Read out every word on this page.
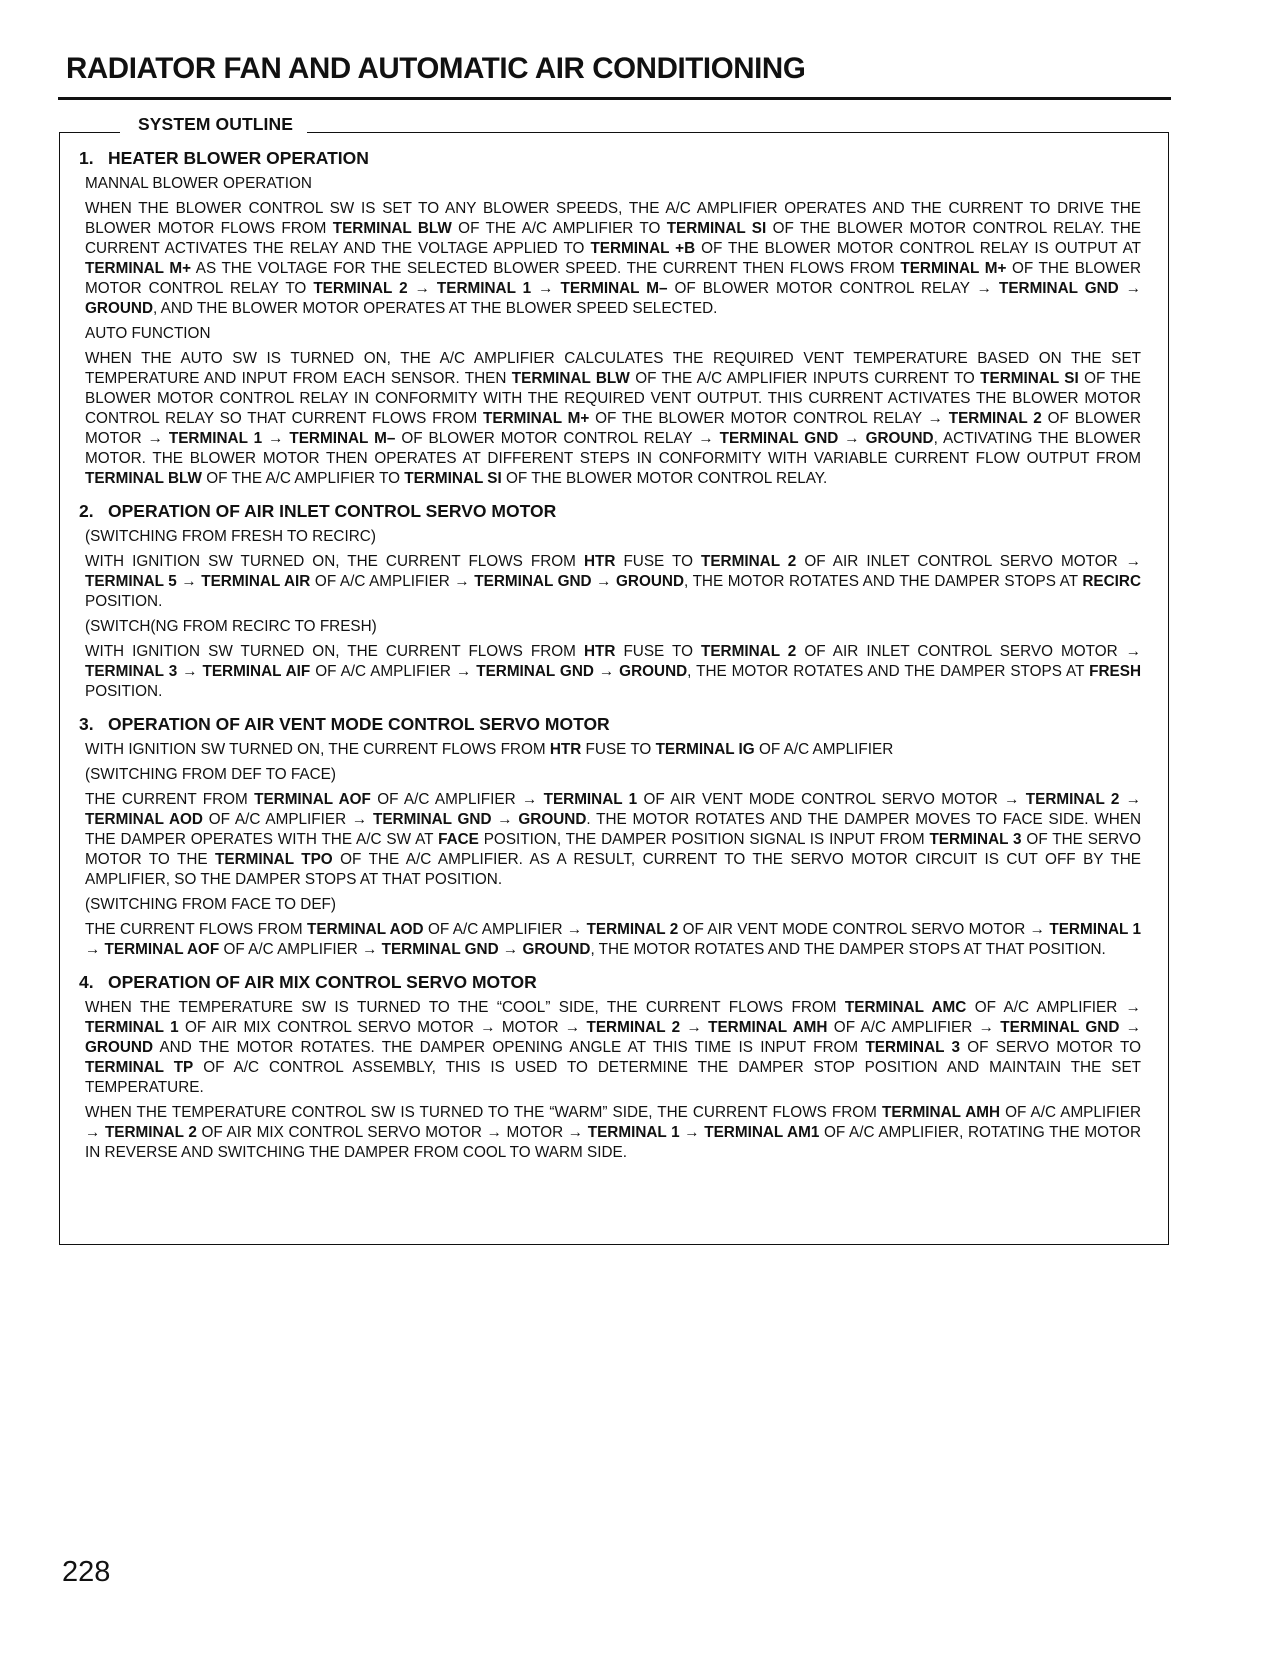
RADIATOR FAN AND AUTOMATIC AIR CONDITIONING
SYSTEM OUTLINE
1. HEATER BLOWER OPERATION
MANNAL BLOWER OPERATION
WHEN THE BLOWER CONTROL SW IS SET TO ANY BLOWER SPEEDS, THE A/C AMPLIFIER OPERATES AND THE CURRENT TO DRIVE THE BLOWER MOTOR FLOWS FROM TERMINAL BLW OF THE A/C AMPLIFIER TO TERMINAL SI OF THE BLOWER MOTOR CONTROL RELAY. THE CURRENT ACTIVATES THE RELAY AND THE VOLTAGE APPLIED TO TERMINAL +B OF THE BLOWER MOTOR CONTROL RELAY IS OUTPUT AT TERMINAL M+ AS THE VOLTAGE FOR THE SELECTED BLOWER SPEED. THE CURRENT THEN FLOWS FROM TERMINAL M+ OF THE BLOWER MOTOR CONTROL RELAY TO TERMINAL 2 → TERMINAL 1 → TERMINAL M– OF BLOWER MOTOR CONTROL RELAY → TERMINAL GND → GROUND, AND THE BLOWER MOTOR OPERATES AT THE BLOWER SPEED SELECTED.
AUTO FUNCTION
WHEN THE AUTO SW IS TURNED ON, THE A/C AMPLIFIER CALCULATES THE REQUIRED VENT TEMPERATURE BASED ON THE SET TEMPERATURE AND INPUT FROM EACH SENSOR. THEN TERMINAL BLW OF THE A/C AMPLIFIER INPUTS CURRENT TO TERMINAL SI OF THE BLOWER MOTOR CONTROL RELAY IN CONFORMITY WITH THE REQUIRED VENT OUTPUT. THIS CURRENT ACTIVATES THE BLOWER MOTOR CONTROL RELAY SO THAT CURRENT FLOWS FROM TERMINAL M+ OF THE BLOWER MOTOR CONTROL RELAY → TERMINAL 2 OF BLOWER MOTOR → TERMINAL 1 → TERMINAL M– OF BLOWER MOTOR CONTROL RELAY → TERMINAL GND → GROUND, ACTIVATING THE BLOWER MOTOR. THE BLOWER MOTOR THEN OPERATES AT DIFFERENT STEPS IN CONFORMITY WITH VARIABLE CURRENT FLOW OUTPUT FROM TERMINAL BLW OF THE A/C AMPLIFIER TO TERMINAL SI OF THE BLOWER MOTOR CONTROL RELAY.
2. OPERATION OF AIR INLET CONTROL SERVO MOTOR
(SWITCHING FROM FRESH TO RECIRC)
WITH IGNITION SW TURNED ON, THE CURRENT FLOWS FROM HTR FUSE TO TERMINAL 2 OF AIR INLET CONTROL SERVO MOTOR → TERMINAL 5 → TERMINAL AIR OF A/C AMPLIFIER → TERMINAL GND → GROUND, THE MOTOR ROTATES AND THE DAMPER STOPS AT RECIRC POSITION.
(SWITCH(NG FROM RECIRC TO FRESH)
WITH IGNITION SW TURNED ON, THE CURRENT FLOWS FROM HTR FUSE TO TERMINAL 2 OF AIR INLET CONTROL SERVO MOTOR → TERMINAL 3 → TERMINAL AIF OF A/C AMPLIFIER → TERMINAL GND → GROUND, THE MOTOR ROTATES AND THE DAMPER STOPS AT FRESH POSITION.
3. OPERATION OF AIR VENT MODE CONTROL SERVO MOTOR
WITH IGNITION SW TURNED ON, THE CURRENT FLOWS FROM HTR FUSE TO TERMINAL IG OF A/C AMPLIFIER
(SWITCHING FROM DEF TO FACE)
THE CURRENT FROM TERMINAL AOF OF A/C AMPLIFIER → TERMINAL 1 OF AIR VENT MODE CONTROL SERVO MOTOR → TERMINAL 2 → TERMINAL AOD OF A/C AMPLIFIER → TERMINAL GND → GROUND. THE MOTOR ROTATES AND THE DAMPER MOVES TO FACE SIDE. WHEN THE DAMPER OPERATES WITH THE A/C SW AT FACE POSITION, THE DAMPER POSITION SIGNAL IS INPUT FROM TERMINAL 3 OF THE SERVO MOTOR TO THE TERMINAL TPO OF THE A/C AMPLIFIER. AS A RESULT, CURRENT TO THE SERVO MOTOR CIRCUIT IS CUT OFF BY THE AMPLIFIER, SO THE DAMPER STOPS AT THAT POSITION.
(SWITCHING FROM FACE TO DEF)
THE CURRENT FLOWS FROM TERMINAL AOD OF A/C AMPLIFIER → TERMINAL 2 OF AIR VENT MODE CONTROL SERVO MOTOR → TERMINAL 1 → TERMINAL AOF OF A/C AMPLIFIER → TERMINAL GND → GROUND, THE MOTOR ROTATES AND THE DAMPER STOPS AT THAT POSITION.
4. OPERATION OF AIR MIX CONTROL SERVO MOTOR
WHEN THE TEMPERATURE SW IS TURNED TO THE “COOL” SIDE, THE CURRENT FLOWS FROM TERMINAL AMC OF A/C AMPLIFIER → TERMINAL 1 OF AIR MIX CONTROL SERVO MOTOR → MOTOR → TERMINAL 2 → TERMINAL AMH OF A/C AMPLIFIER → TERMINAL GND → GROUND AND THE MOTOR ROTATES. THE DAMPER OPENING ANGLE AT THIS TIME IS INPUT FROM TERMINAL 3 OF SERVO MOTOR TO TERMINAL TP OF A/C CONTROL ASSEMBLY, THIS IS USED TO DETERMINE THE DAMPER STOP POSITION AND MAINTAIN THE SET TEMPERATURE.
WHEN THE TEMPERATURE CONTROL SW IS TURNED TO THE “WARM” SIDE, THE CURRENT FLOWS FROM TERMINAL AMH OF A/C AMPLIFIER → TERMINAL 2 OF AIR MIX CONTROL SERVO MOTOR → MOTOR → TERMINAL 1 → TERMINAL AM1 OF A/C AMPLIFIER, ROTATING THE MOTOR IN REVERSE AND SWITCHING THE DAMPER FROM COOL TO WARM SIDE.
228
